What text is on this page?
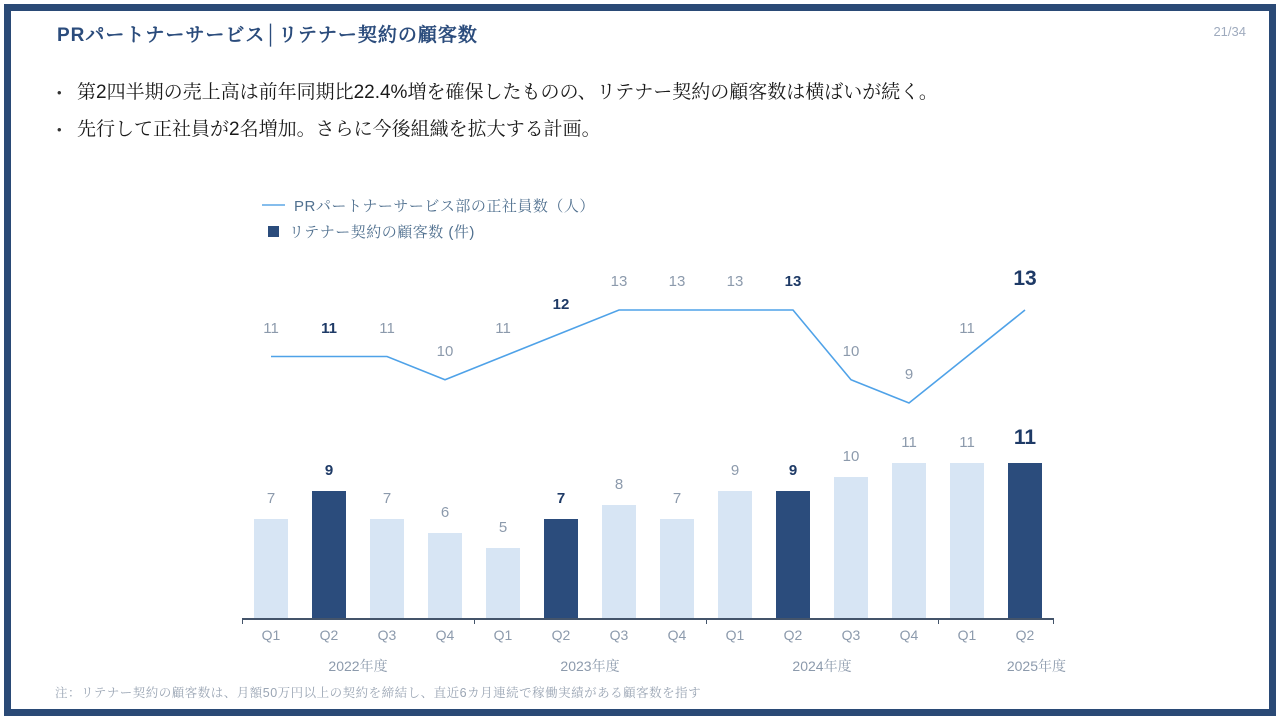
PRパートナーサービス│リテナー契約の顧客数	21/34
• 第2四半期の売上高は前年同期比22.4%増を確保したものの、リテナー契約の顧客数は横ばいが続く。
• 先行して正社員が2名増加。さらに今後組織を拡大する計画。
PRパートナーサービス部の正社員数（人）
リテナー契約の顧客数 (件)
7
9
7
6
5
7
8
7
9	9
10
11	11 11
11	11	11
10
11
12
13	13	13	13
10
9
11
13
Q1	Q2	Q3	Q4	Q1	Q2	Q3	Q4	Q1	Q2	Q3	Q4	Q1	Q2
2022年度	2023年度	2024年度	2025年度
注：リテナー契約の顧客数は、月額50万円以上の契約を締結し、直近6カ月連続で稼働実績がある顧客数を指す
